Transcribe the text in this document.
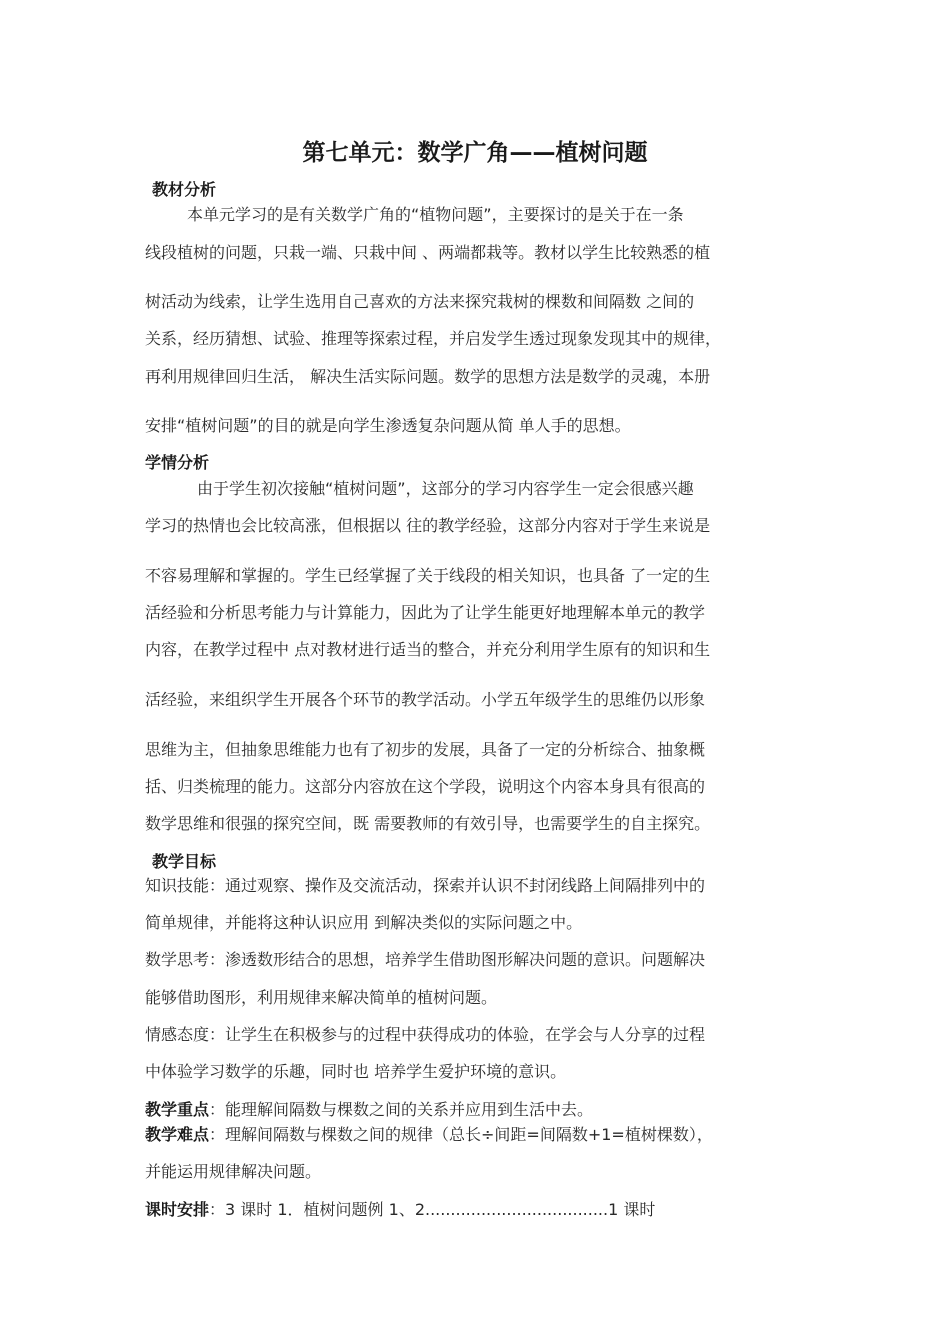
第七单元：数学广角——植树问题
教材分析
本单元学习的是有关数学广角的“植物问题”，主要探讨的是关于在一条
线段植树的问题，只栽一端、只栽中间 、两端都栽等。教材以学生比较熟悉的植
树活动为线索，让学生选用自己喜欢的方法来探究栽树的棵数和间隔数 之间的
关系，经历猜想、试验、推理等探索过程，并启发学生透过现象发现其中的规律，
再利用规律回归生活， 解决生活实际问题。数学的思想方法是数学的灵魂，本册
安排“植树问题”的目的就是向学生渗透复杂问题从简 单人手的思想。
学情分析
由于学生初次接触“植树问题”，这部分的学习内容学生一定会很感兴趣
学习的热情也会比较高涨，但根据以 往的教学经验，这部分内容对于学生来说是
不容易理解和掌握的。学生已经掌握了关于线段的相关知识，也具备 了一定的生
活经验和分析思考能力与计算能力，因此为了让学生能更好地理解本单元的教学
内容，在教学过程中 点对教材进行适当的整合，并充分利用学生原有的知识和生
活经验，来组织学生开展各个环节的教学活动。小学五年级学生的思维仍以形象
思维为主，但抽象思维能力也有了初步的发展，具备了一定的分析综合、抽象概
括、归类梳理的能力。这部分内容放在这个学段，说明这个内容本身具有很高的
数学思维和很强的探究空间，既 需要教师的有效引导，也需要学生的自主探究。
教学目标
知识技能：通过观察、操作及交流活动，探索并认识不封闭线路上间隔排列中的
简单规律，并能将这种认识应用 到解决类似的实际问题之中。
数学思考：渗透数形结合的思想，培养学生借助图形解决问题的意识。问题解决
能够借助图形，利用规律来解决简单的植树问题。
情感态度：让学生在积极参与的过程中获得成功的体验，在学会与人分享的过程
中体验学习数学的乐趣，同时也 培养学生爱护环境的意识。
教学重点：能理解间隔数与棵数之间的关系并应用到生活中去。
教学难点：理解间隔数与棵数之间的规律（总长÷间距=间隔数+1=植树棵数），
并能运用规律解决问题。
课时安排：3 课时 1．植树问题例 1、2....................................1 课时
